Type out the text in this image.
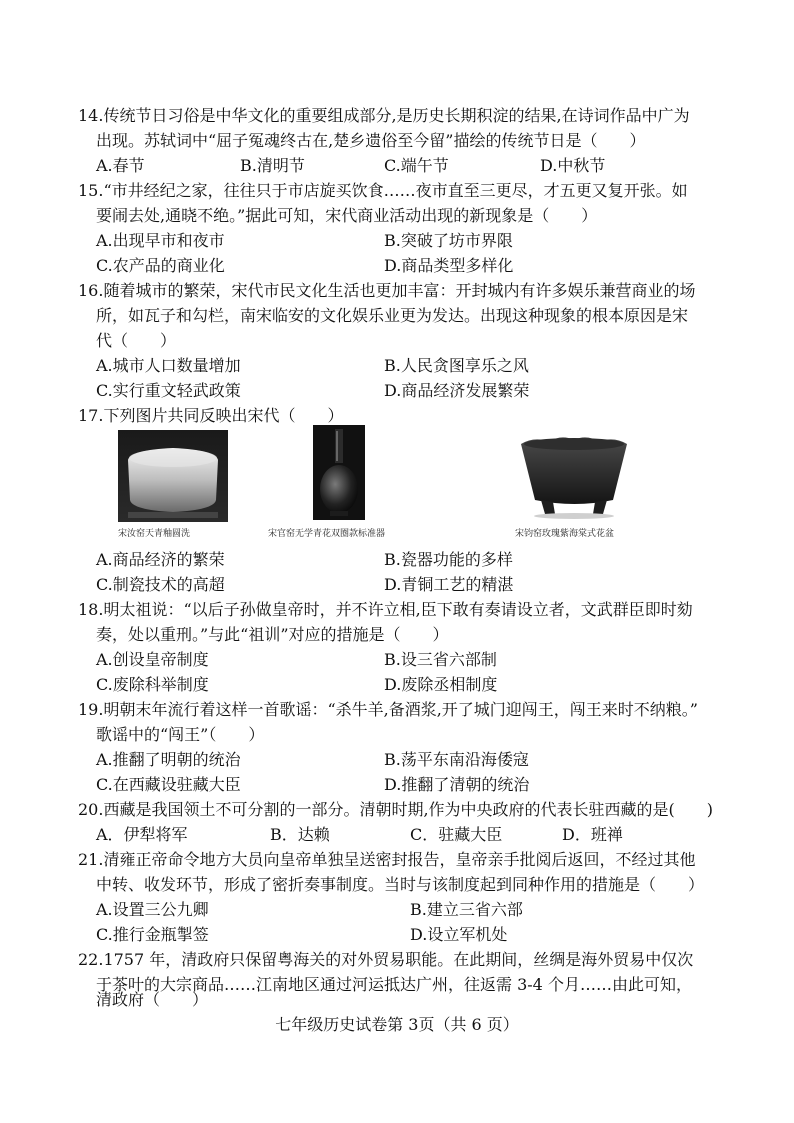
14.传统节日习俗是中华文化的重要组成部分,是历史长期积淀的结果,在诗词作品中广为
出现。苏轼词中“屈子冤魂终古在,楚乡遗俗至今留”描绘的传统节日是（　　）
A.春节	B.清明节	C.端午节	D.中秋节
15.“市井经纪之家，往往只于市店旋买饮食……夜市直至三更尽，才五更又复开张。如
要闹去处,通晓不绝。”据此可知，宋代商业活动出现的新现象是（　　）
A.出现早市和夜市	B.突破了坊市界限
C.农产品的商业化	D.商品类型多样化
16.随着城市的繁荣，宋代市民文化生活也更加丰富：开封城内有许多娱乐兼营商业的场
所，如瓦子和勾栏，南宋临安的文化娱乐业更为发达。出现这种现象的根本原因是宋
代（　　）
A.城市人口数量增加	B.人民贪图享乐之风
C.实行重文轻武政策	D.商品经济发展繁荣
17.下列图片共同反映出宋代（　　）
宋汝窑天青釉圆洗	宋官窑无学青花双圈款标准器	宋钧窑玫瑰紫海棠式花盆
A.商品经济的繁荣	B.瓷器功能的多样
C.制瓷技术的高超	D.青铜工艺的精湛
18.明太祖说：“以后子孙做皇帝时，并不许立相,臣下敢有奏请设立者，文武群臣即时劾
奏，处以重刑。”与此“祖训”对应的措施是（　　）
A.创设皇帝制度	B.设三省六部制
C.废除科举制度	D.废除丞相制度
19.明朝末年流行着这样一首歌谣：“杀牛羊,备酒浆,开了城门迎闯王，闯王来时不纳粮。”
歌谣中的“闯王”（　　）
A.推翻了明朝的统治	B.荡平东南沿海倭寇
C.在西藏设驻藏大臣	D.推翻了清朝的统治
20.西藏是我国领土不可分割的一部分。清朝时期,作为中央政府的代表长驻西藏的是(　　)
A．伊犁将军	B．达赖	C．驻藏大臣	D．班禅
21.清雍正帝命令地方大员向皇帝单独呈送密封报告，皇帝亲手批阅后返回，不经过其他
中转、收发环节，形成了密折奏事制度。当时与该制度起到同种作用的措施是（　　）
A.设置三公九卿	B.建立三省六部
C.推行金瓶掣签	D.设立军机处
22.1757 年，清政府只保留粤海关的对外贸易职能。在此期间，丝绸是海外贸易中仅次
于茶叶的大宗商品……江南地区通过河运抵达广州，往返需 3-4 个月……由此可知，
清政府（　　）
七年级历史试卷第 3页（共 6 页）
